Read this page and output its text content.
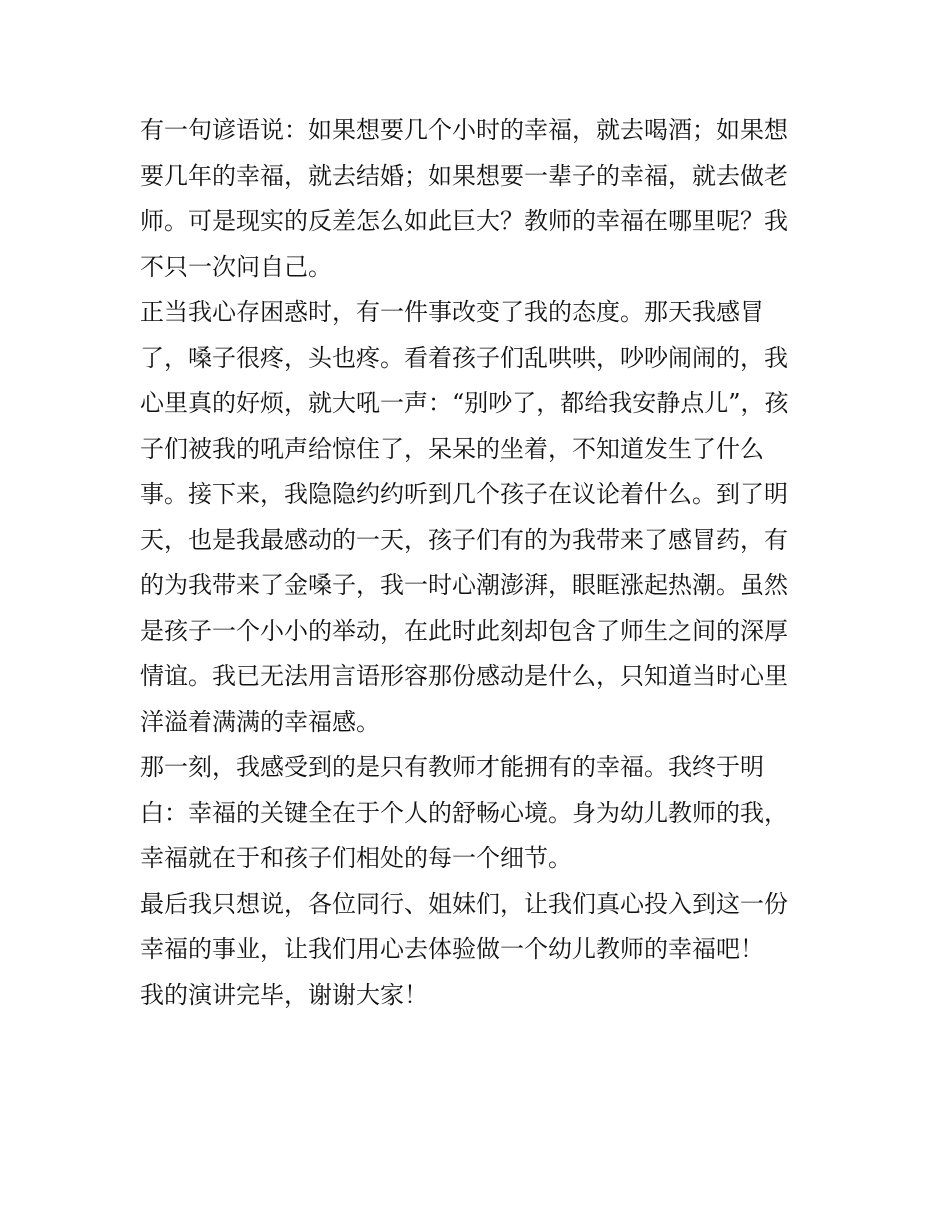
有一句谚语说：如果想要几个小时的幸福，就去喝酒；如果想
要几年的幸福，就去结婚；如果想要一辈子的幸福，就去做老
师。可是现实的反差怎么如此巨大？教师的幸福在哪里呢？我
不只一次问自己。
正当我心存困惑时，有一件事改变了我的态度。那天我感冒
了，嗓子很疼，头也疼。看着孩子们乱哄哄，吵吵闹闹的，我
心里真的好烦，就大吼一声：“别吵了，都给我安静点儿”，孩
子们被我的吼声给惊住了，呆呆的坐着，不知道发生了什么
事。接下来，我隐隐约约听到几个孩子在议论着什么。到了明
天，也是我最感动的一天，孩子们有的为我带来了感冒药，有
的为我带来了金嗓子，我一时心潮澎湃，眼眶涨起热潮。虽然
是孩子一个小小的举动，在此时此刻却包含了师生之间的深厚
情谊。我已无法用言语形容那份感动是什么，只知道当时心里
洋溢着满满的幸福感。
那一刻，我感受到的是只有教师才能拥有的幸福。我终于明
白：幸福的关键全在于个人的舒畅心境。身为幼儿教师的我，
幸福就在于和孩子们相处的每一个细节。
最后我只想说，各位同行、姐妹们，让我们真心投入到这一份
幸福的事业，让我们用心去体验做一个幼儿教师的幸福吧！
我的演讲完毕，谢谢大家！
